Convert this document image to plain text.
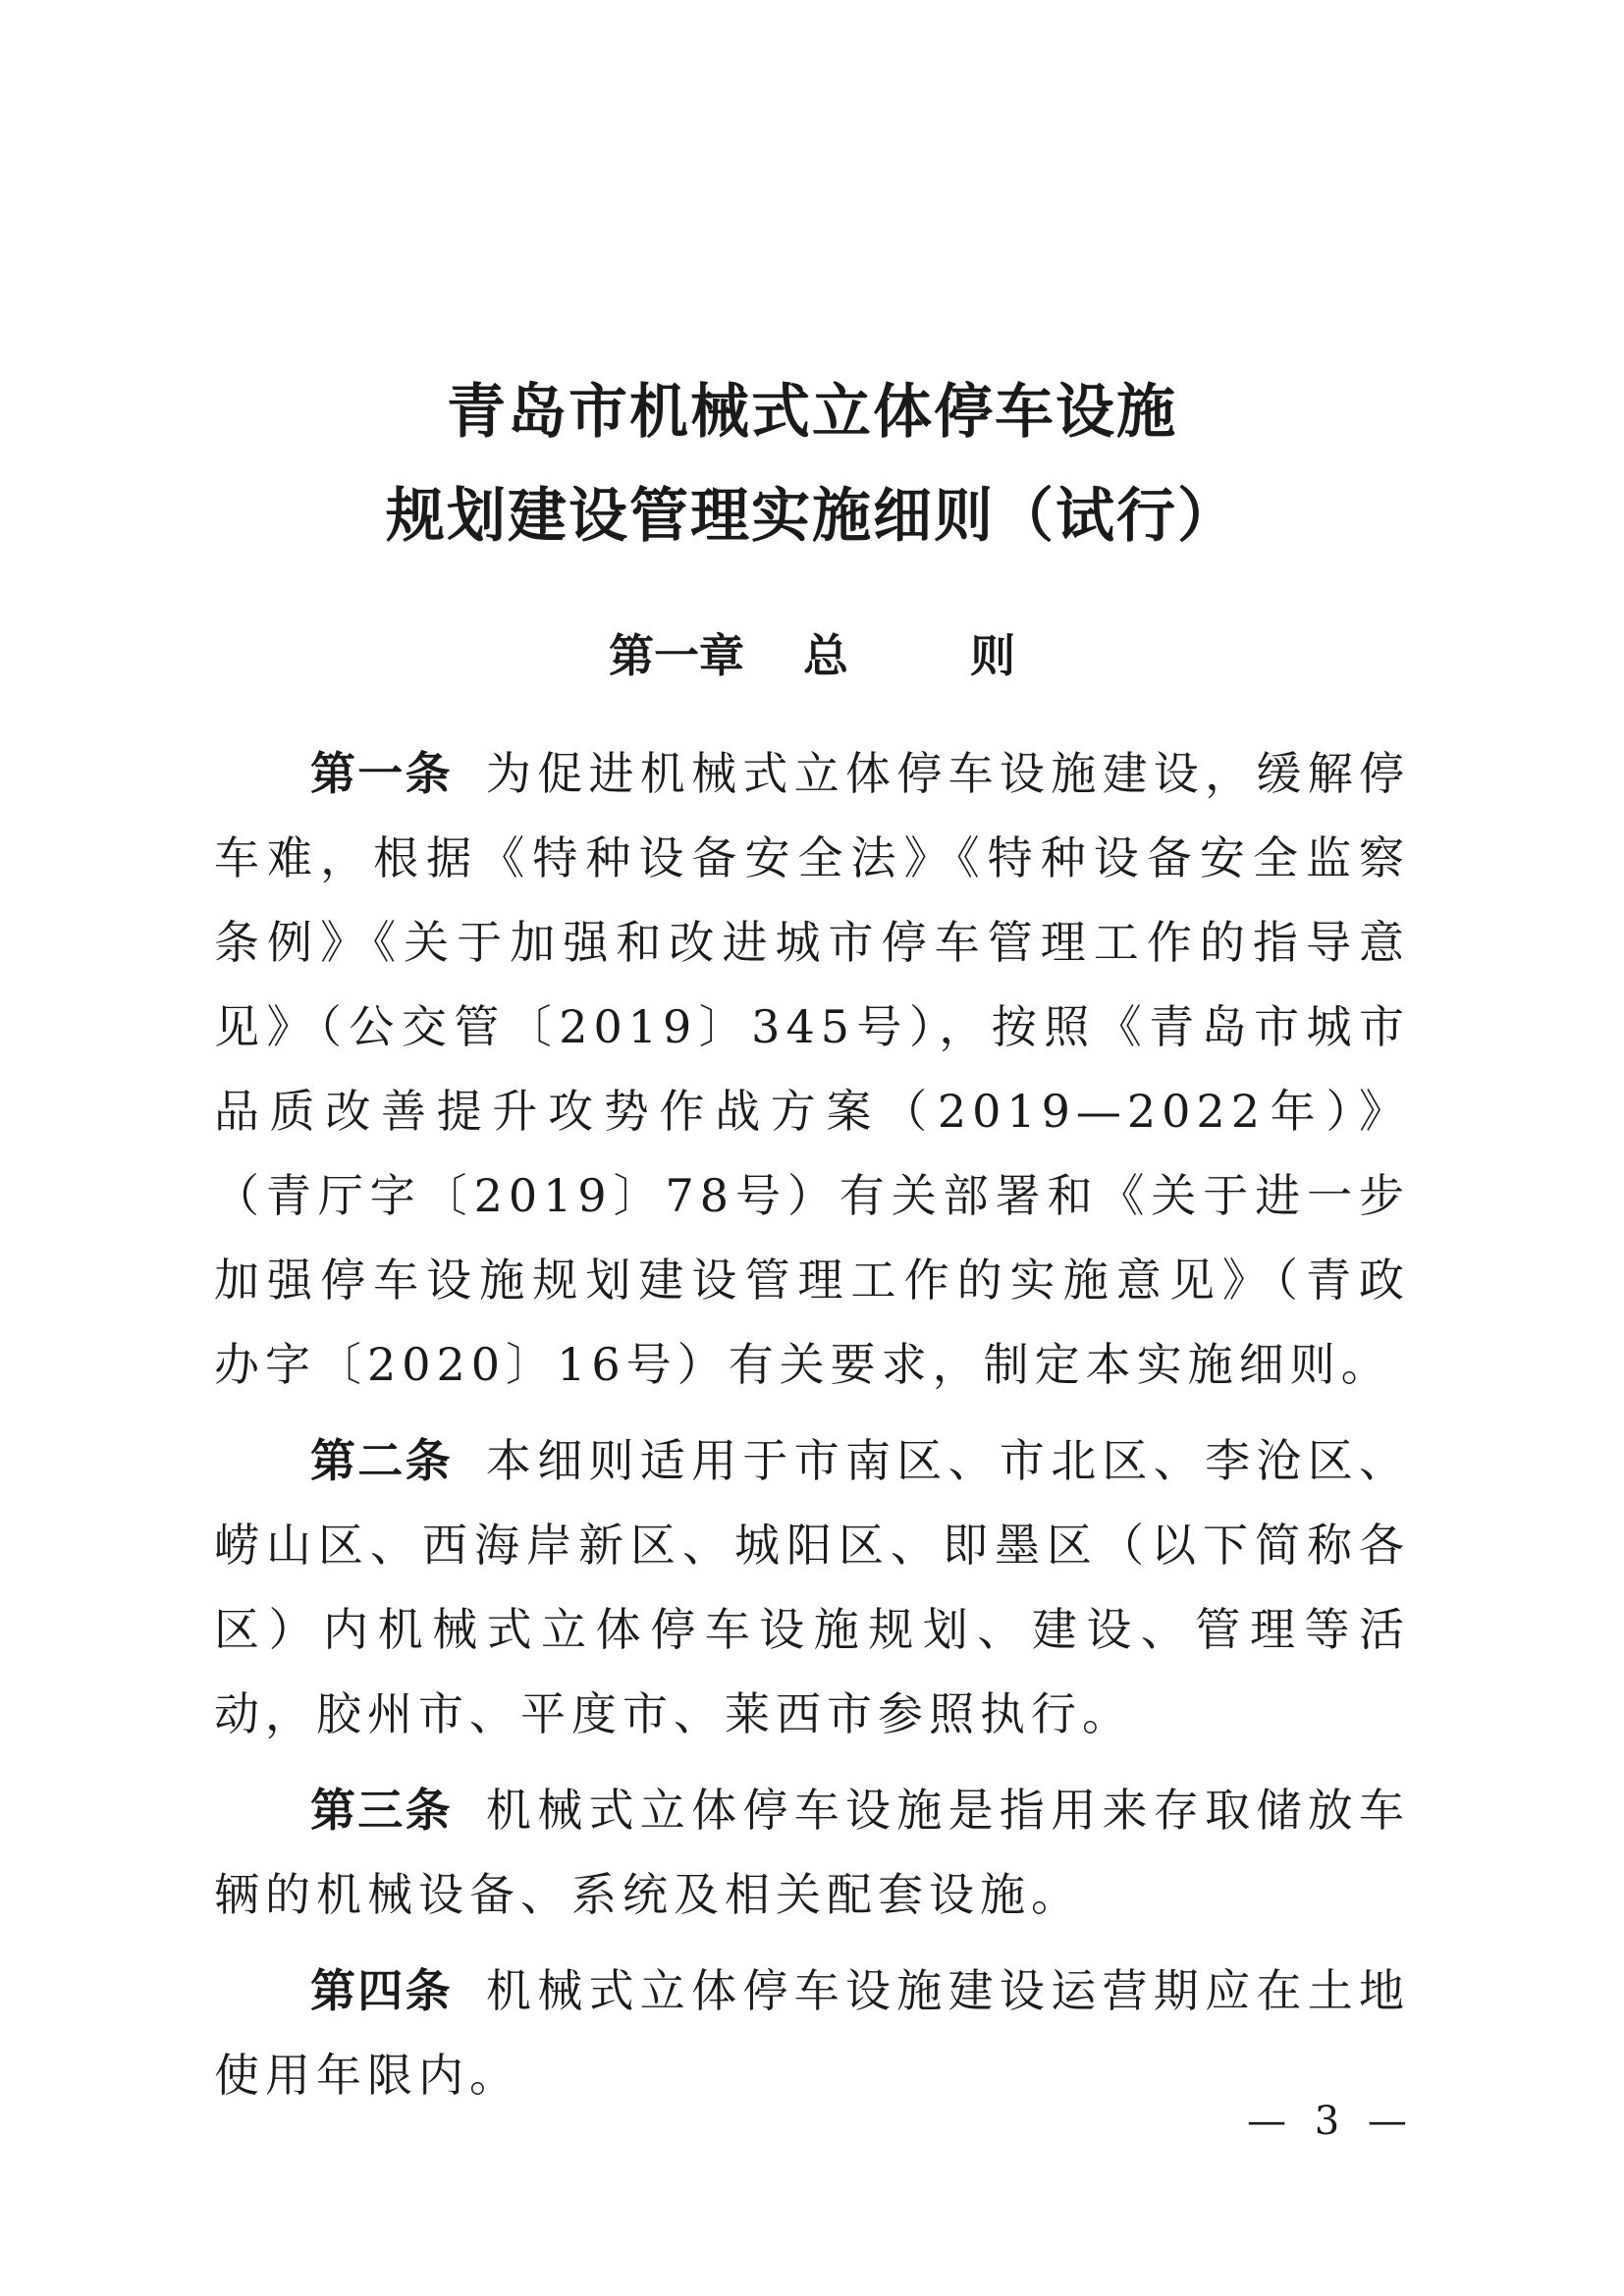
青岛市机械式立体停车设施
规划建设管理实施细则（试行）
第一章 总	则

第一条 为促进机械式立体停车设施建设，缓解停车难，根据《特种设备安全法》《特种设备安全监察条例》《关于加强和改进城市停车管理工作的指导意见》（公交管〔2019〕345号），按照《青岛市城市品质改善提升攻势作战方案（2019—2022年）》（青厅字〔2019〕78号）有关部署和《关于进一步加强停车设施规划建设管理工作的实施意见》（青政办字〔2020〕16号）有关要求，制定本实施细则。

第二条 本细则适用于市南区、市北区、李沧区、崂山区、西海岸新区、城阳区、即墨区（以下简称各区）内机械式立体停车设施规划、建设、管理等活动，胶州市、平度市、莱西市参照执行。

第三条 机械式立体停车设施是指用来存取储放车辆的机械设备、系统及相关配套设施。

第四条 机械式立体停车设施建设运营期应在土地使用年限内。

— 3 —
